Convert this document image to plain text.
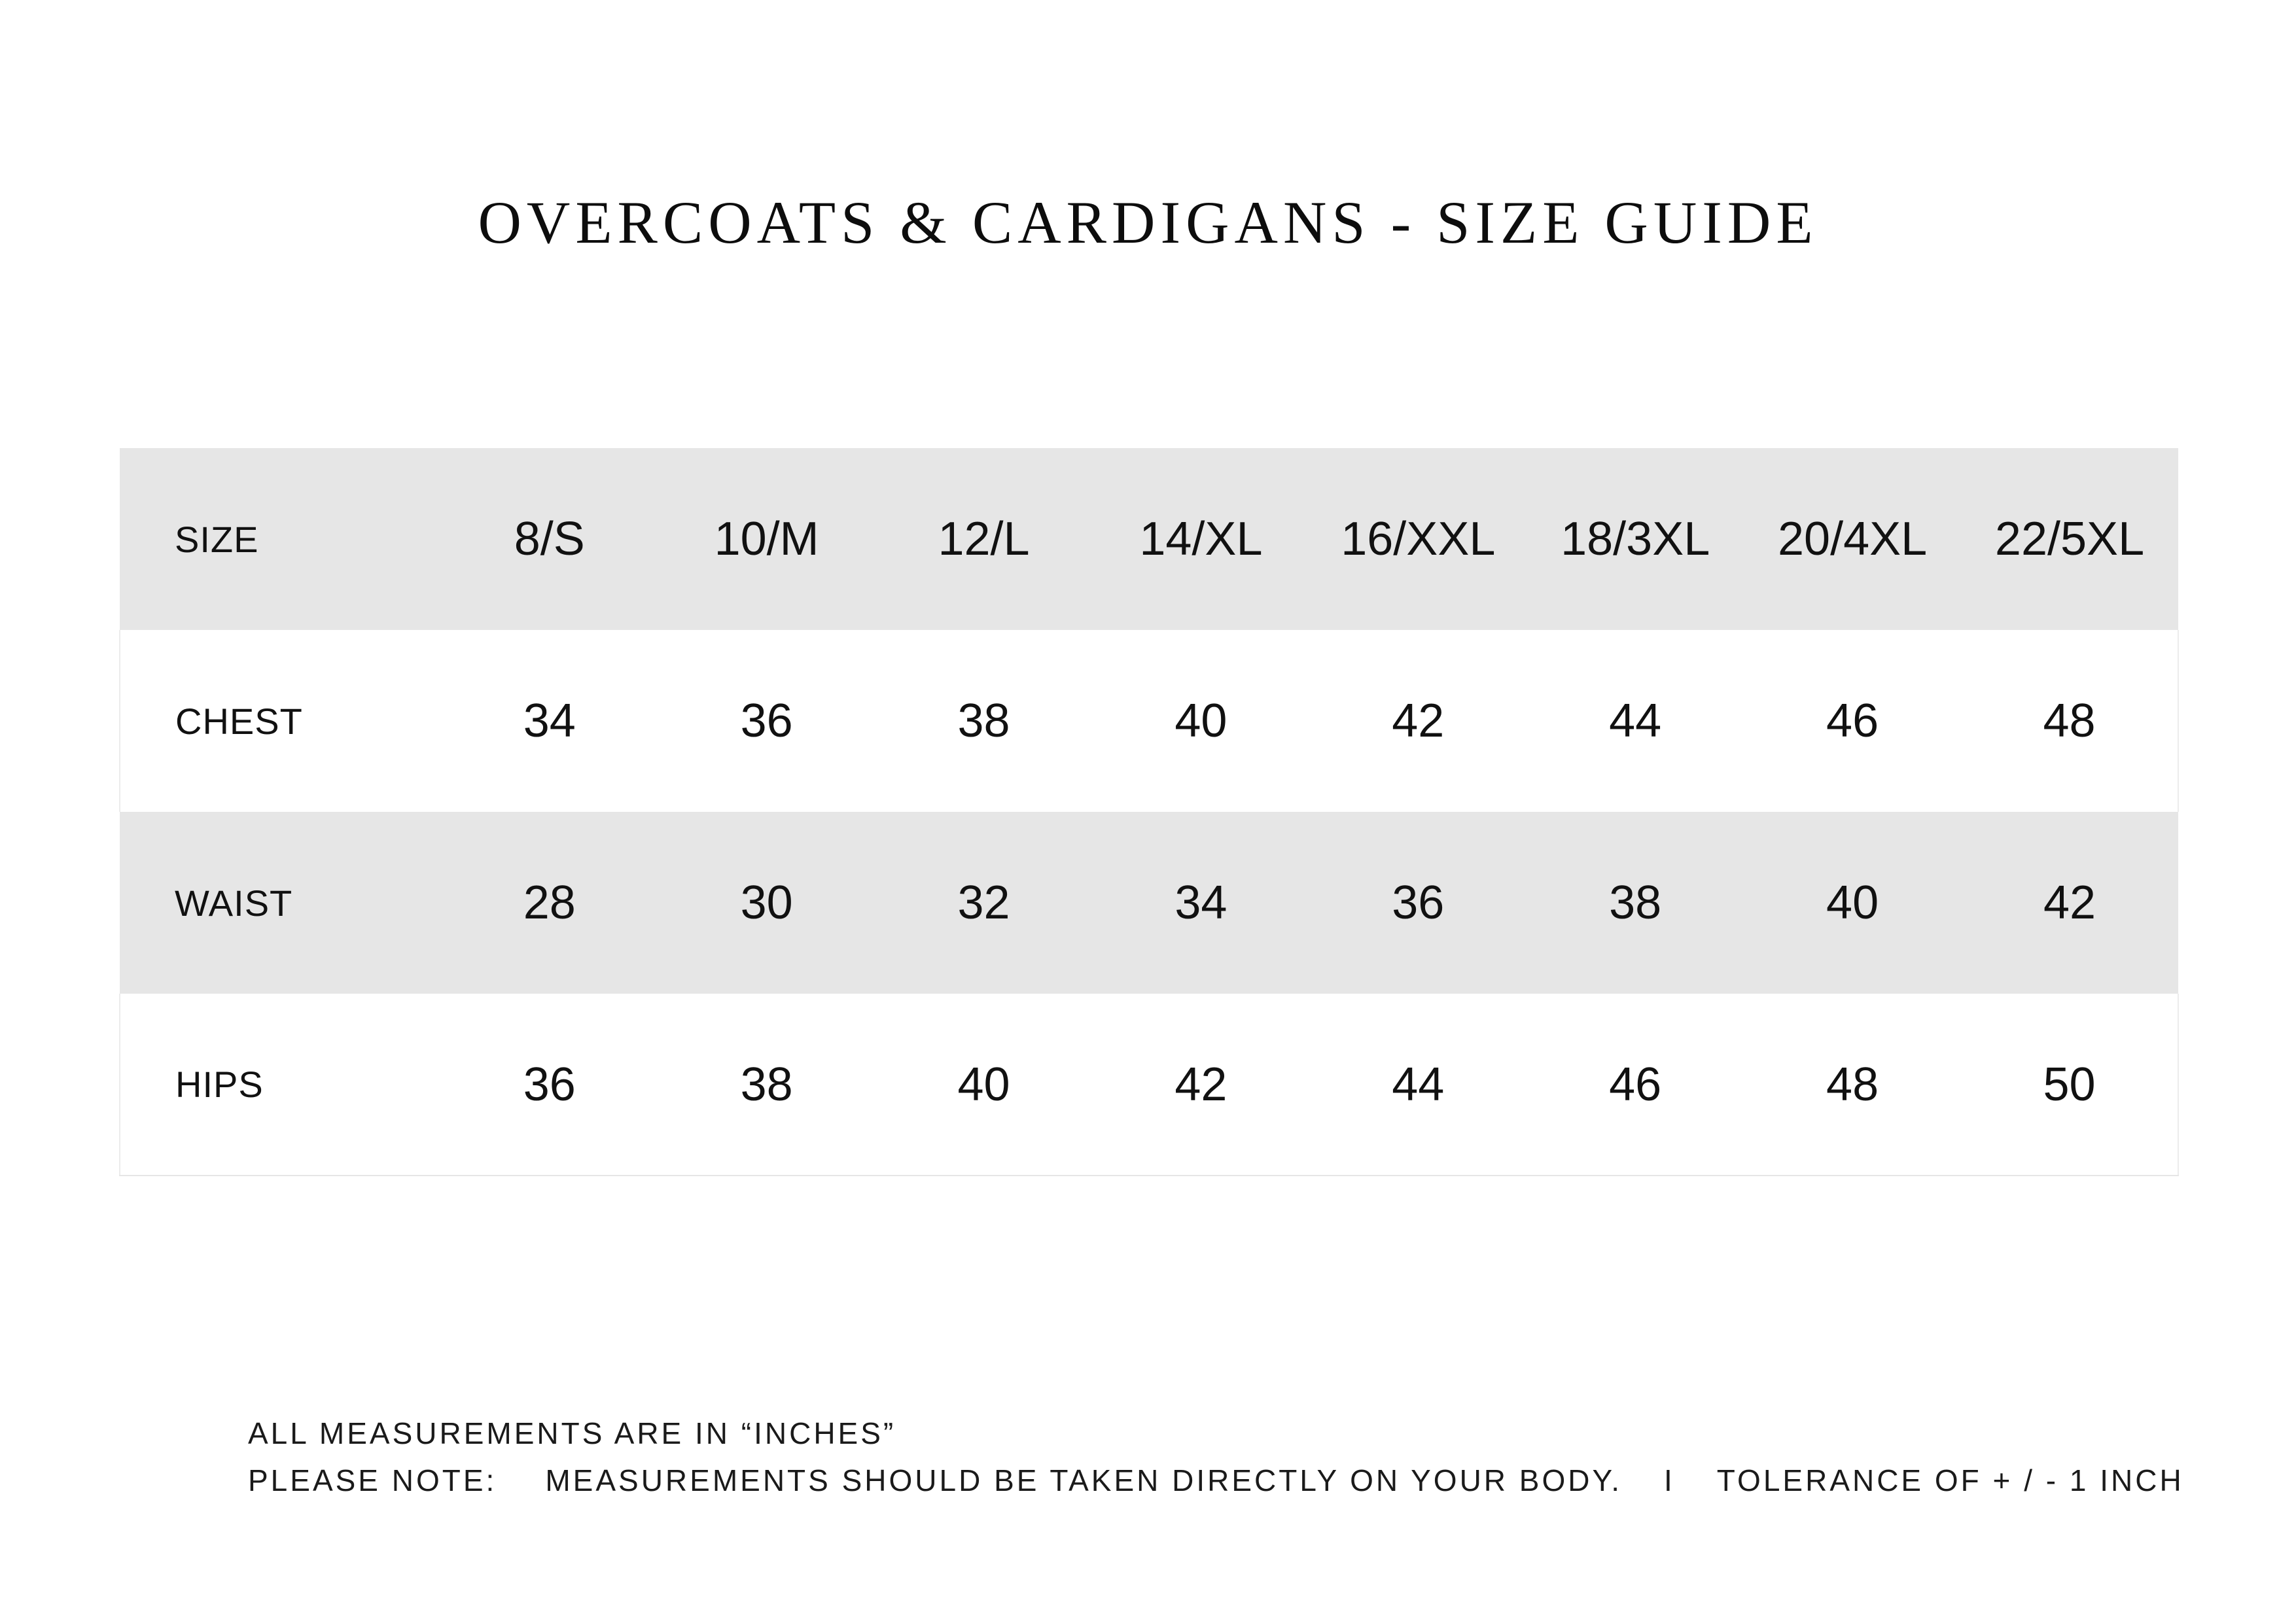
OVERCOATS & CARDIGANS - SIZE GUIDE
SIZE	8/S	10/M	12/L	14/XL	16/XXL	18/3XL	20/4XL	22/5XL
CHEST	34	36	38	40	42	44	46	48
WAIST	28	30	32	34	36	38	40	42
HIPS	36	38	40	42	44	46	48	50
ALL MEASUREMENTS ARE IN “INCHES”
PLEASE NOTE: MEASUREMENTS SHOULD BE TAKEN DIRECTLY ON YOUR BODY. I TOLERANCE OF + / - 1 INCH
